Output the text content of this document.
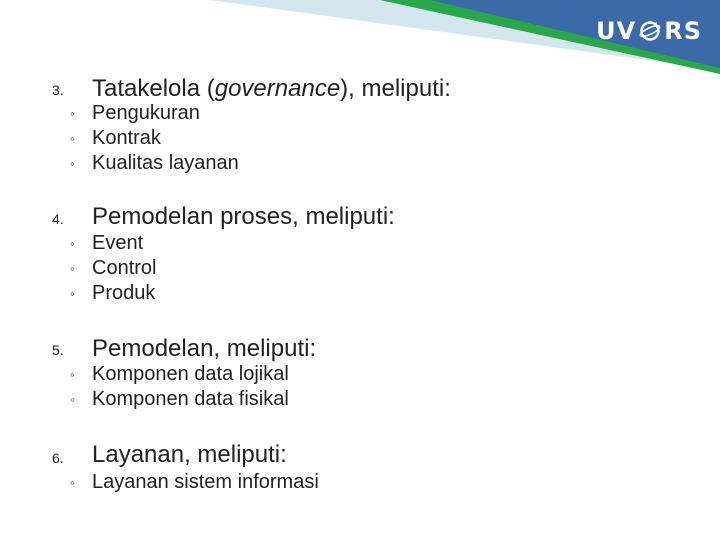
UV RS
3. Tatakelola (governance), meliputi:
◦ Pengukuran
◦ Kontrak
◦ Kualitas layanan
4. Pemodelan proses, meliputi:
◦ Event
◦ Control
◦ Produk
5. Pemodelan, meliputi:
◦ Komponen data lojikal
◦ Komponen data fisikal
6. Layanan, meliputi:
◦ Layanan sistem informasi
